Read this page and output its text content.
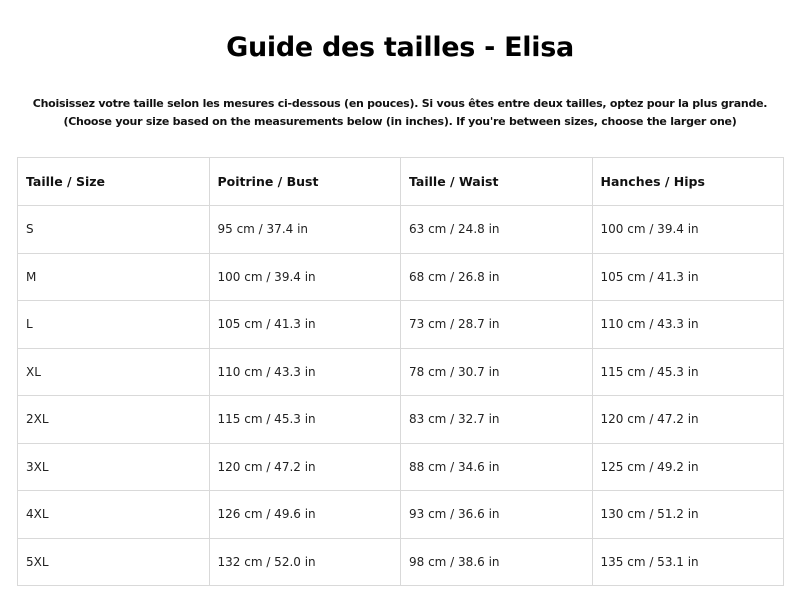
Guide des tailles - Elisa
Choisissez votre taille selon les mesures ci-dessous (en pouces). Si vous êtes entre deux tailles, optez pour la plus grande.
(Choose your size based on the measurements below (in inches). If you're between sizes, choose the larger one)
Taille / Size	Poitrine / Bust	Taille / Waist	Hanches / Hips
S	95 cm / 37.4 in	63 cm / 24.8 in	100 cm / 39.4 in
M	100 cm / 39.4 in	68 cm / 26.8 in	105 cm / 41.3 in
L	105 cm / 41.3 in	73 cm / 28.7 in	110 cm / 43.3 in
XL	110 cm / 43.3 in	78 cm / 30.7 in	115 cm / 45.3 in
2XL	115 cm / 45.3 in	83 cm / 32.7 in	120 cm / 47.2 in
3XL	120 cm / 47.2 in	88 cm / 34.6 in	125 cm / 49.2 in
4XL	126 cm / 49.6 in	93 cm / 36.6 in	130 cm / 51.2 in
5XL	132 cm / 52.0 in	98 cm / 38.6 in	135 cm / 53.1 in
